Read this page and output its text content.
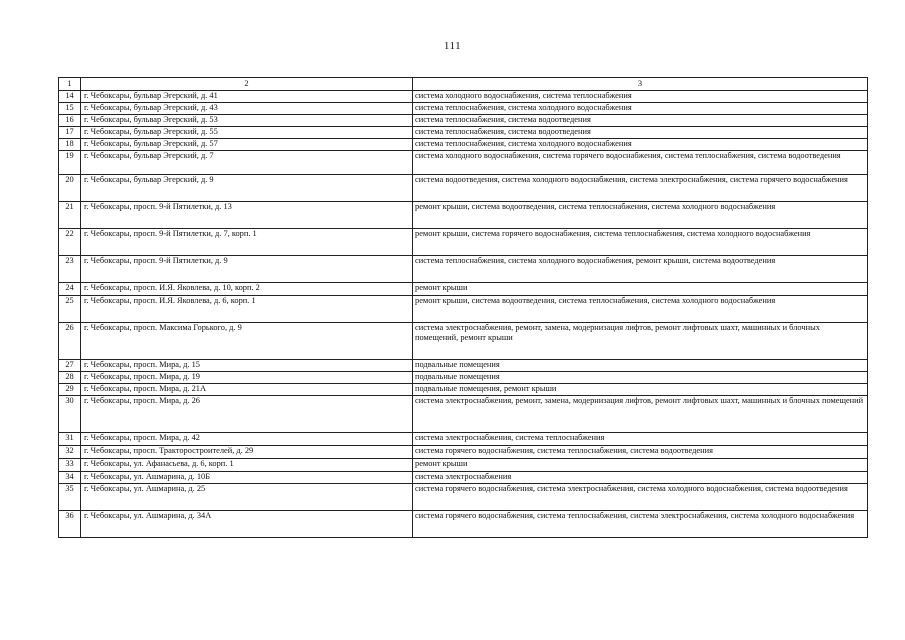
111
1	2	3
14	г. Чебоксары, бульвар Эгерский, д. 41	система холодного водоснабжения, система теплоснабжения
15	г. Чебоксары, бульвар Эгерский, д. 43	система теплоснабжения, система холодного водоснабжения
16	г. Чебоксары, бульвар Эгерский, д. 53	система теплоснабжения, система водоотведения
17	г. Чебоксары, бульвар Эгерский, д. 55	система теплоснабжения, система водоотведения
18	г. Чебоксары, бульвар Эгерский, д. 57	система теплоснабжения, система холодного водоснабжения
19	г. Чебоксары, бульвар Эгерский, д. 7	система холодного водоснабжения, система горячего водоснабжения, система теплоснабжения, система водоотведения
20	г. Чебоксары, бульвар Эгерский, д. 9	система водоотведения, система холодного водоснабжения, система электроснабжения, система горячего водоснабжения
21	г. Чебоксары, просп. 9-й Пятилетки, д. 13	ремонт крыши, система водоотведения, система теплоснабжения, система холодного водоснабжения
22	г. Чебоксары, просп. 9-й Пятилетки, д. 7, корп. 1	ремонт крыши, система горячего водоснабжения, система теплоснабжения, система холодного водоснабжения
23	г. Чебоксары, просп. 9-й Пятилетки, д. 9	система теплоснабжения, система холодного водоснабжения, ремонт крыши, система водоотведения
24	г. Чебоксары, просп. И.Я. Яковлева, д. 10, корп. 2	ремонт крыши
25	г. Чебоксары, просп. И.Я. Яковлева, д. 6, корп. 1	ремонт крыши, система водоотведения, система теплоснабжения, система холодного водоснабжения
26	г. Чебоксары, просп. Максима Горького, д. 9	система электроснабжения, ремонт, замена, модернизация лифтов, ремонт лифтовых шахт, машинных и блочных помещений, ремонт крыши
27	г. Чебоксары, просп. Мира, д. 15	подвальные помещения
28	г. Чебоксары, просп. Мира, д. 19	подвальные помещения
29	г. Чебоксары, просп. Мира, д. 21А	подвальные помещения, ремонт крыши
30	г. Чебоксары, просп. Мира, д. 26	система электроснабжения, ремонт, замена, модернизация лифтов, ремонт лифтовых шахт, машинных и блочных помещений
31	г. Чебоксары, просп. Мира, д. 42	система электроснабжения, система теплоснабжения
32	г. Чебоксары, просп. Тракторостроителей, д. 29	система горячего водоснабжения, система теплоснабжения, система водоотведения
33	г. Чебоксары, ул. Афанасьева, д. 6, корп. 1	ремонт крыши
34	г. Чебоксары, ул. Ашмарина, д. 10Б	система электроснабжения
35	г. Чебоксары, ул. Ашмарина, д. 25	система горячего водоснабжения, система электроснабжения, система холодного водоснабжения, система водоотведения
36	г. Чебоксары, ул. Ашмарина, д. 34А	система горячего водоснабжения, система теплоснабжения, система электроснабжения, система холодного водоснабжения
